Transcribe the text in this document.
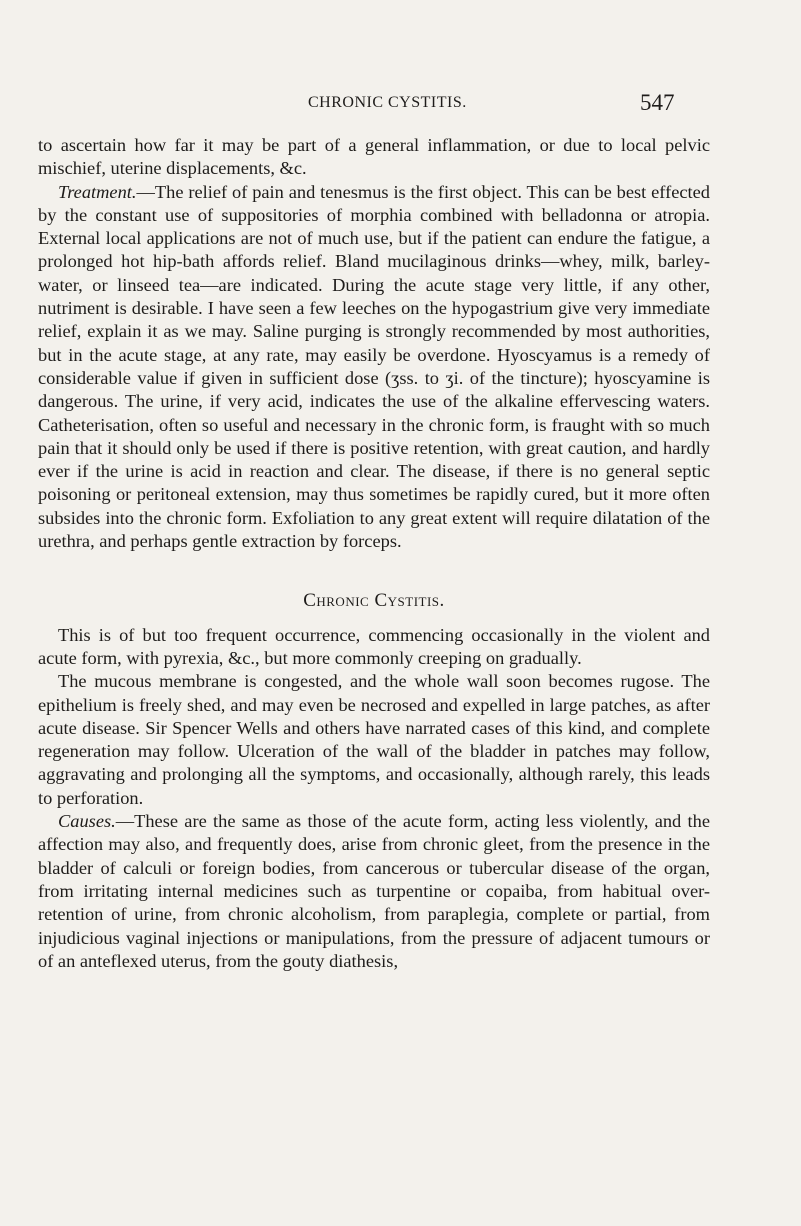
CHRONIC CYSTITIS.	547

to ascertain how far it may be part of a general inflammation, or due to local pelvic mischief, uterine displacements, &c.

Treatment.—The relief of pain and tenesmus is the first object. This can be best effected by the constant use of suppositories of morphia combined with belladonna or atropia. External local applications are not of much use, but if the patient can endure the fatigue, a prolonged hot hip-bath affords relief. Bland mucilaginous drinks—whey, milk, barley-water, or linseed tea—are indicated. During the acute stage very little, if any other, nutriment is desirable. I have seen a few leeches on the hypogastrium give very immediate relief, explain it as we may. Saline purging is strongly recommended by most authorities, but in the acute stage, at any rate, may easily be overdone. Hyoscyamus is a remedy of considerable value if given in sufficient dose (ʒss. to ʒi. of the tincture); hyoscyamine is dangerous. The urine, if very acid, indicates the use of the alkaline effervescing waters. Catheterisation, often so useful and necessary in the chronic form, is fraught with so much pain that it should only be used if there is positive retention, with great caution, and hardly ever if the urine is acid in reaction and clear. The disease, if there is no general septic poisoning or peritoneal extension, may thus sometimes be rapidly cured, but it more often subsides into the chronic form. Exfoliation to any great extent will require dilatation of the urethra, and perhaps gentle extraction by forceps.

Chronic Cystitis.

This is of but too frequent occurrence, commencing occasionally in the violent and acute form, with pyrexia, &c., but more commonly creeping on gradually.

The mucous membrane is congested, and the whole wall soon becomes rugose. The epithelium is freely shed, and may even be necrosed and expelled in large patches, as after acute disease. Sir Spencer Wells and others have narrated cases of this kind, and complete regeneration may follow. Ulceration of the wall of the bladder in patches may follow, aggravating and prolonging all the symptoms, and occasionally, although rarely, this leads to perforation.

Causes.—These are the same as those of the acute form, acting less violently, and the affection may also, and frequently does, arise from chronic gleet, from the presence in the bladder of calculi or foreign bodies, from cancerous or tubercular disease of the organ, from irritating internal medicines such as turpentine or copaiba, from habitual over-retention of urine, from chronic alcoholism, from paraplegia, complete or partial, from injudicious vaginal injections or manipulations, from the pressure of adjacent tumours or of an anteflexed uterus, from the gouty diathesis,
